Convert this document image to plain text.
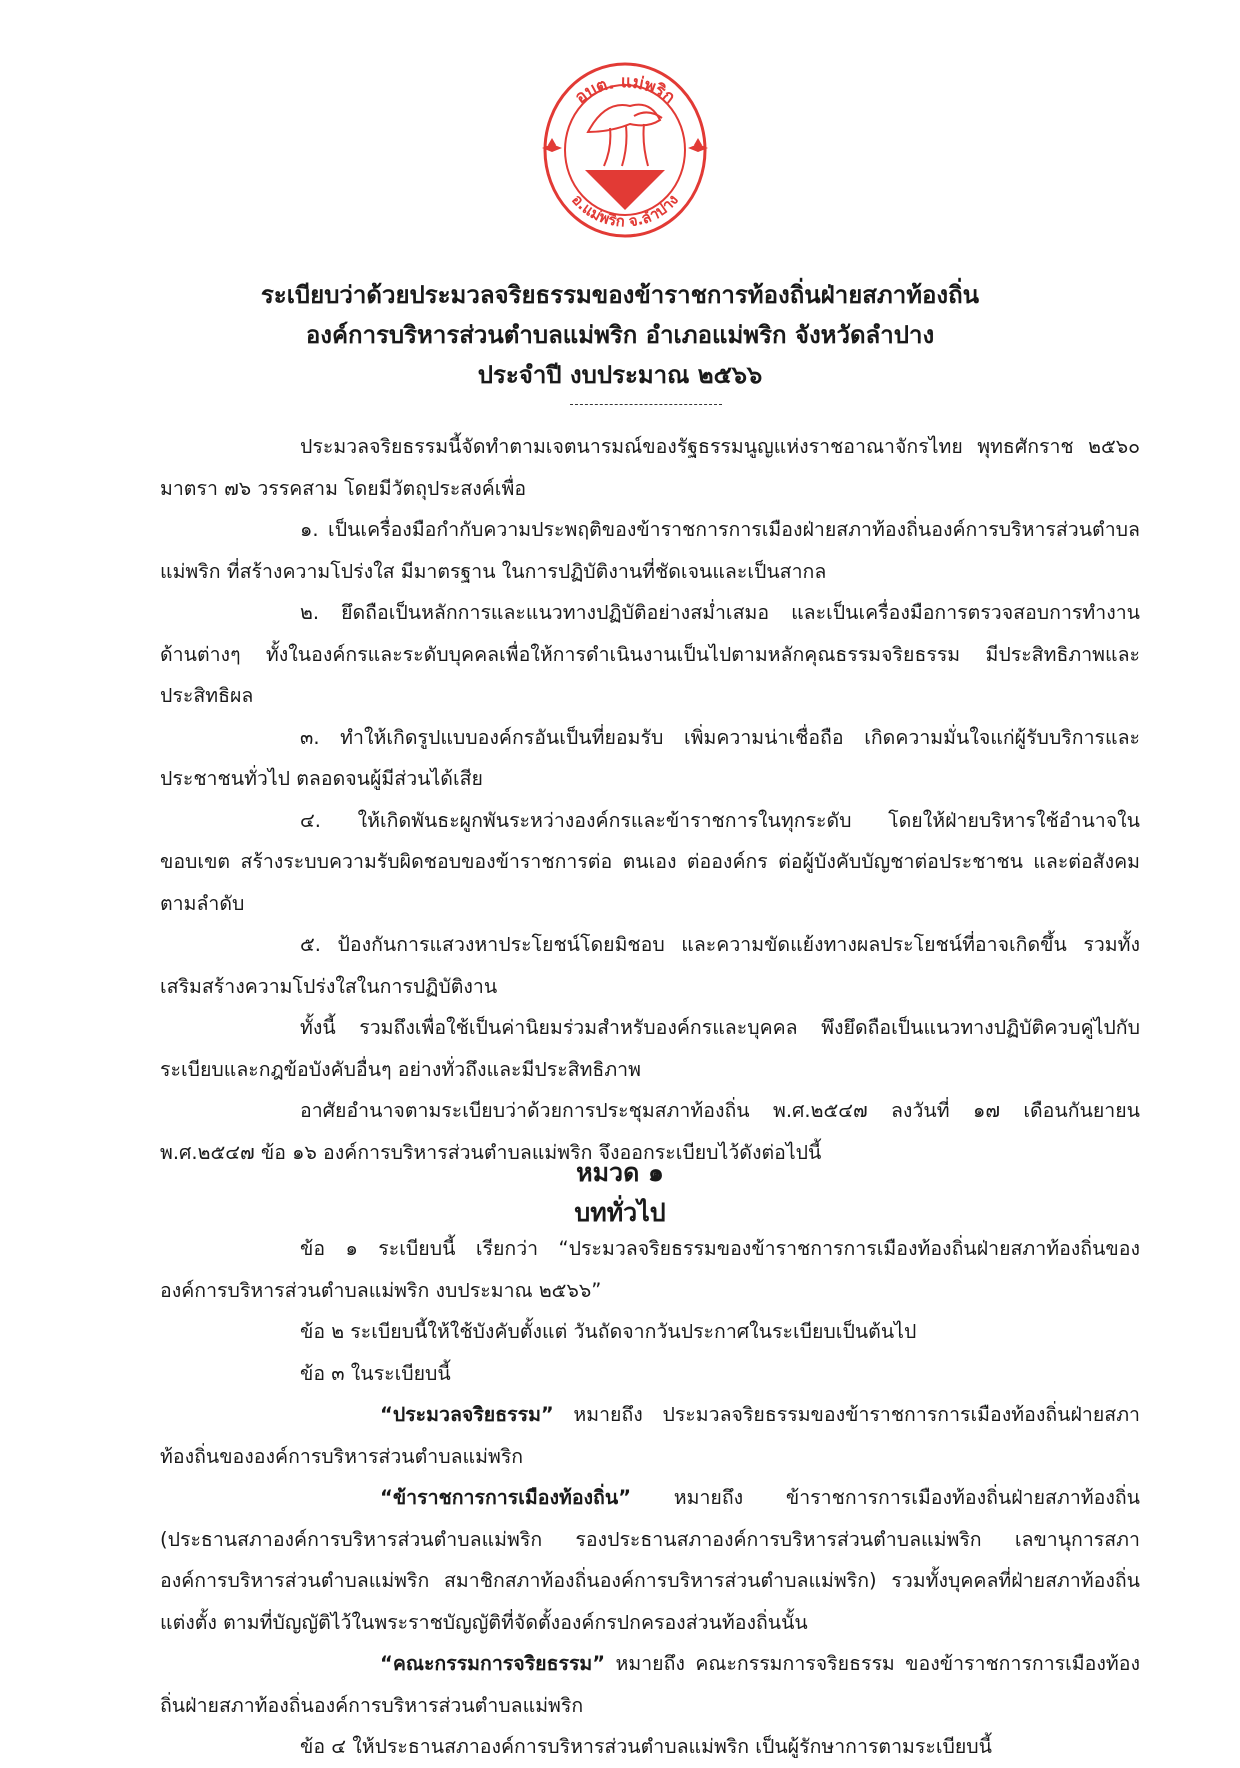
อบต. แม่พริก
อ.แม่พริก จ.ลำปาง
ระเบียบว่าด้วยประมวลจริยธรรมของข้าราชการท้องถิ่นฝ่ายสภาท้องถิ่น
องค์การบริหารส่วนตำบลแม่พริก อำเภอแม่พริก จังหวัดลำปาง
ประจำปี งบประมาณ ๒๕๖๖

ประมวลจริยธรรมนี้จัดทำตามเจตนารมณ์ของรัฐธรรมนูญแห่งราชอาณาจักรไทย พุทธศักราช ๒๕๖๐ มาตรา ๗๖ วรรคสาม โดยมีวัตถุประสงค์เพื่อ

๑. เป็นเครื่องมือกำกับความประพฤติของข้าราชการการเมืองฝ่ายสภาท้องถิ่นองค์การบริหารส่วนตำบลแม่พริก ที่สร้างความโปร่งใส มีมาตรฐาน ในการปฏิบัติงานที่ชัดเจนและเป็นสากล

๒. ยึดถือเป็นหลักการและแนวทางปฏิบัติอย่างสม่ำเสมอ และเป็นเครื่องมือการตรวจสอบการทำงานด้านต่างๆ ทั้งในองค์กรและระดับบุคคลเพื่อให้การดำเนินงานเป็นไปตามหลักคุณธรรมจริยธรรม มีประสิทธิภาพและประสิทธิผล

๓. ทำให้เกิดรูปแบบองค์กรอันเป็นที่ยอมรับ เพิ่มความน่าเชื่อถือ เกิดความมั่นใจแก่ผู้รับบริการและประชาชนทั่วไป ตลอดจนผู้มีส่วนได้เสีย

๔. ให้เกิดพันธะผูกพันระหว่างองค์กรและข้าราชการในทุกระดับ โดยให้ฝ่ายบริหารใช้อำนาจในขอบเขต สร้างระบบความรับผิดชอบของข้าราชการต่อ ตนเอง ต่อองค์กร ต่อผู้บังคับบัญชาต่อประชาชน และต่อสังคม ตามลำดับ

๕. ป้องกันการแสวงหาประโยชน์โดยมิชอบ และความขัดแย้งทางผลประโยชน์ที่อาจเกิดขึ้น รวมทั้งเสริมสร้างความโปร่งใสในการปฏิบัติงาน

ทั้งนี้ รวมถึงเพื่อใช้เป็นค่านิยมร่วมสำหรับองค์กรและบุคคล พึงยึดถือเป็นแนวทางปฏิบัติควบคู่ไปกับระเบียบและกฎข้อบังคับอื่นๆ อย่างทั่วถึงและมีประสิทธิภาพ

อาศัยอำนาจตามระเบียบว่าด้วยการประชุมสภาท้องถิ่น พ.ศ.๒๕๔๗ ลงวันที่ ๑๗ เดือนกันยายน พ.ศ.๒๕๔๗ ข้อ ๑๖ องค์การบริหารส่วนตำบลแม่พริก จึงออกระเบียบไว้ดังต่อไปนี้

หมวด ๑
บททั่วไป

ข้อ ๑ ระเบียบนี้ เรียกว่า “ประมวลจริยธรรมของข้าราชการการเมืองท้องถิ่นฝ่ายสภาท้องถิ่นขององค์การบริหารส่วนตำบลแม่พริก งบประมาณ ๒๕๖๖”

ข้อ ๒ ระเบียบนี้ให้ใช้บังคับตั้งแต่ วันถัดจากวันประกาศในระเบียบเป็นต้นไป

ข้อ ๓ ในระเบียบนี้

“ประมวลจริยธรรม” หมายถึง ประมวลจริยธรรมของข้าราชการการเมืองท้องถิ่นฝ่ายสภาท้องถิ่นขององค์การบริหารส่วนตำบลแม่พริก

“ข้าราชการการเมืองท้องถิ่น” หมายถึง ข้าราชการการเมืองท้องถิ่นฝ่ายสภาท้องถิ่น (ประธานสภาองค์การบริหารส่วนตำบลแม่พริก รองประธานสภาองค์การบริหารส่วนตำบลแม่พริก เลขานุการสภาองค์การบริหารส่วนตำบลแม่พริก สมาชิกสภาท้องถิ่นองค์การบริหารส่วนตำบลแม่พริก) รวมทั้งบุคคลที่ฝ่ายสภาท้องถิ่นแต่งตั้ง ตามที่บัญญัติไว้ในพระราชบัญญัติที่จัดตั้งองค์กรปกครองส่วนท้องถิ่นนั้น

“คณะกรรมการจริยธรรม” หมายถึง คณะกรรมการจริยธรรม ของข้าราชการการเมืองท้องถิ่นฝ่ายสภาท้องถิ่นองค์การบริหารส่วนตำบลแม่พริก

ข้อ ๔ ให้ประธานสภาองค์การบริหารส่วนตำบลแม่พริก เป็นผู้รักษาการตามระเบียบนี้
